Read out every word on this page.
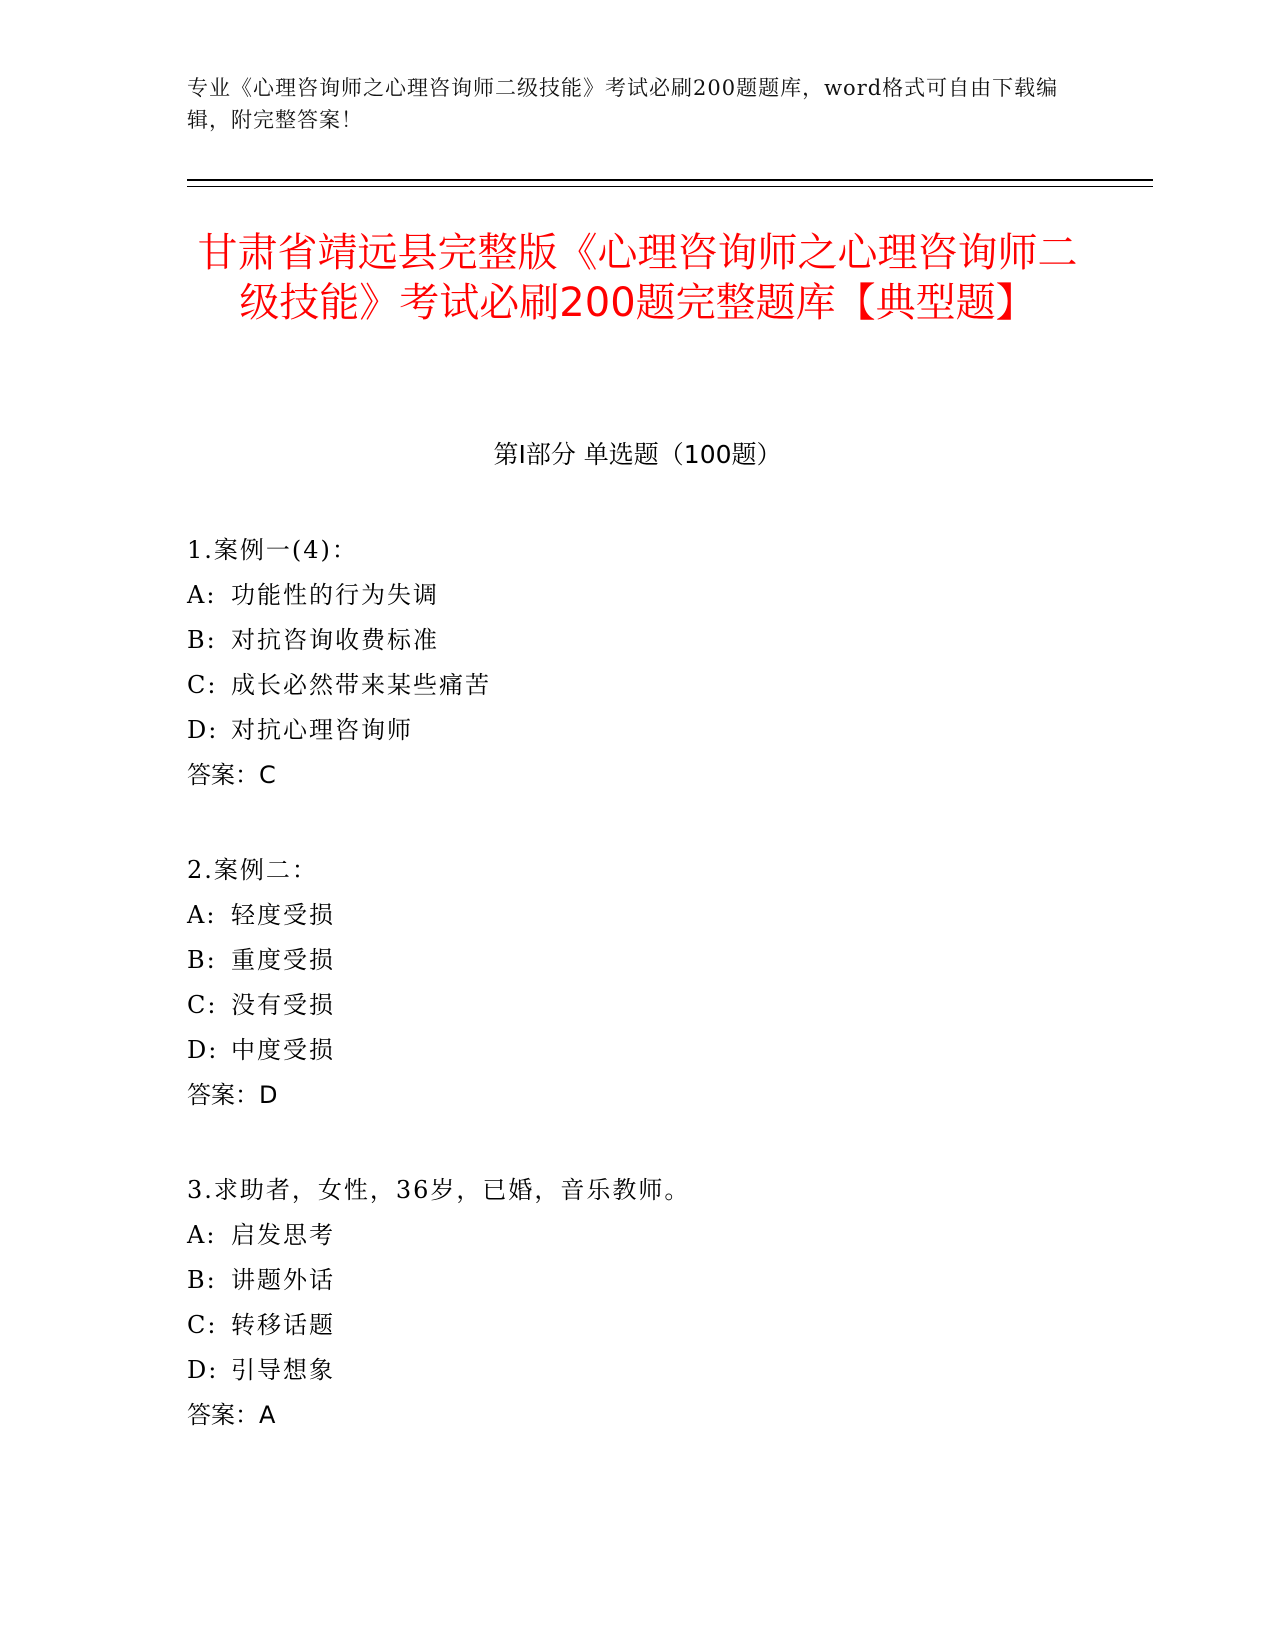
专业《心理咨询师之心理咨询师二级技能》考试必刷200题题库，word格式可自由下载编辑，附完整答案！
甘肃省靖远县完整版《心理咨询师之心理咨询师二级技能》考试必刷200题完整题库【典型题】
第Ⅰ部分 单选题（100题）
1.案例一(4)：
A: 功能性的行为失调
B: 对抗咨询收费标准
C: 成长必然带来某些痛苦
D: 对抗心理咨询师
答案：C
2.案例二：
A: 轻度受损
B: 重度受损
C: 没有受损
D: 中度受损
答案：D
3.求助者，女性，36岁，已婚，音乐教师。
A: 启发思考
B: 讲题外话
C: 转移话题
D: 引导想象
答案：A
